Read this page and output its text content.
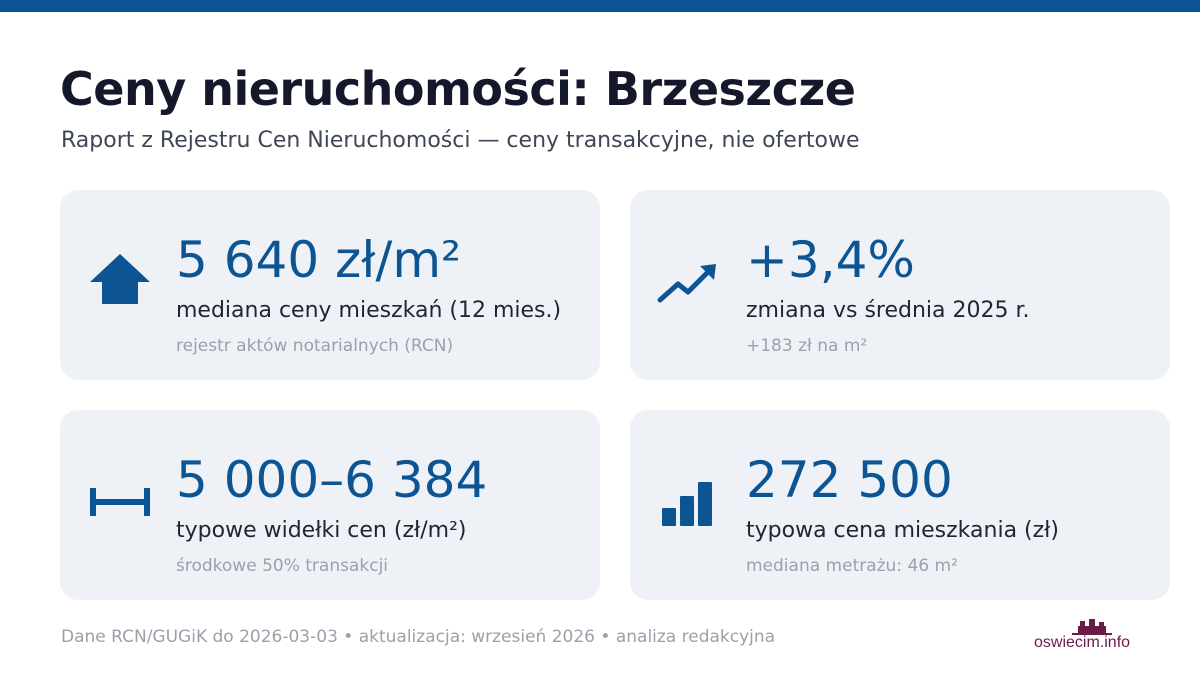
Ceny nieruchomości: Brzeszcze
Raport z Rejestru Cen Nieruchomości — ceny transakcyjne, nie ofertowe
5 640 zł/m²
mediana ceny mieszkań (12 mies.)
rejestr aktów notarialnych (RCN)
+3,4%
zmiana vs średnia 2025 r.
+183 zł na m²
5 000–6 384
typowe widełki cen (zł/m²)
środkowe 50% transakcji
272 500
typowa cena mieszkania (zł)
mediana metrażu: 46 m²
Dane RCN/GUGiK do 2026-03-03 • aktualizacja: wrzesień 2026 • analiza redakcyjna	oswiecim.info
